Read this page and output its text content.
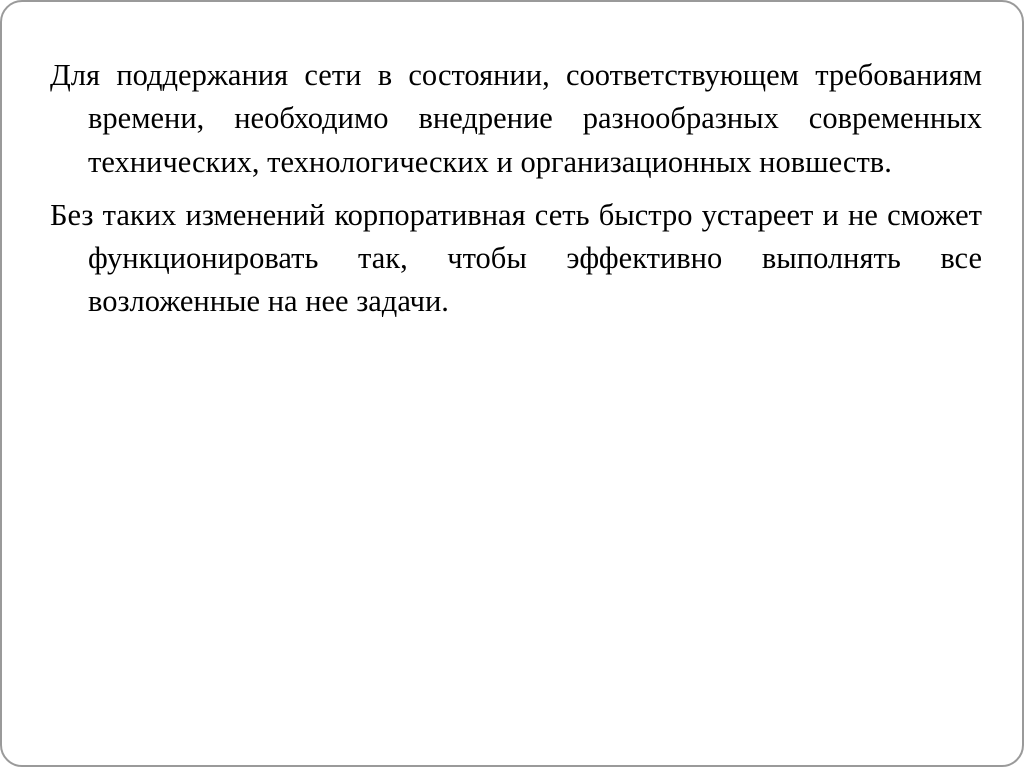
Для поддержания сети в состоянии, соответствующем требованиям времени, необходимо внедрение разнообразных современных технических, технологических и организационных новшеств.

Без таких изменений корпоративная сеть быстро устареет и не сможет функционировать так, чтобы эффективно выполнять все возложенные на нее задачи.
